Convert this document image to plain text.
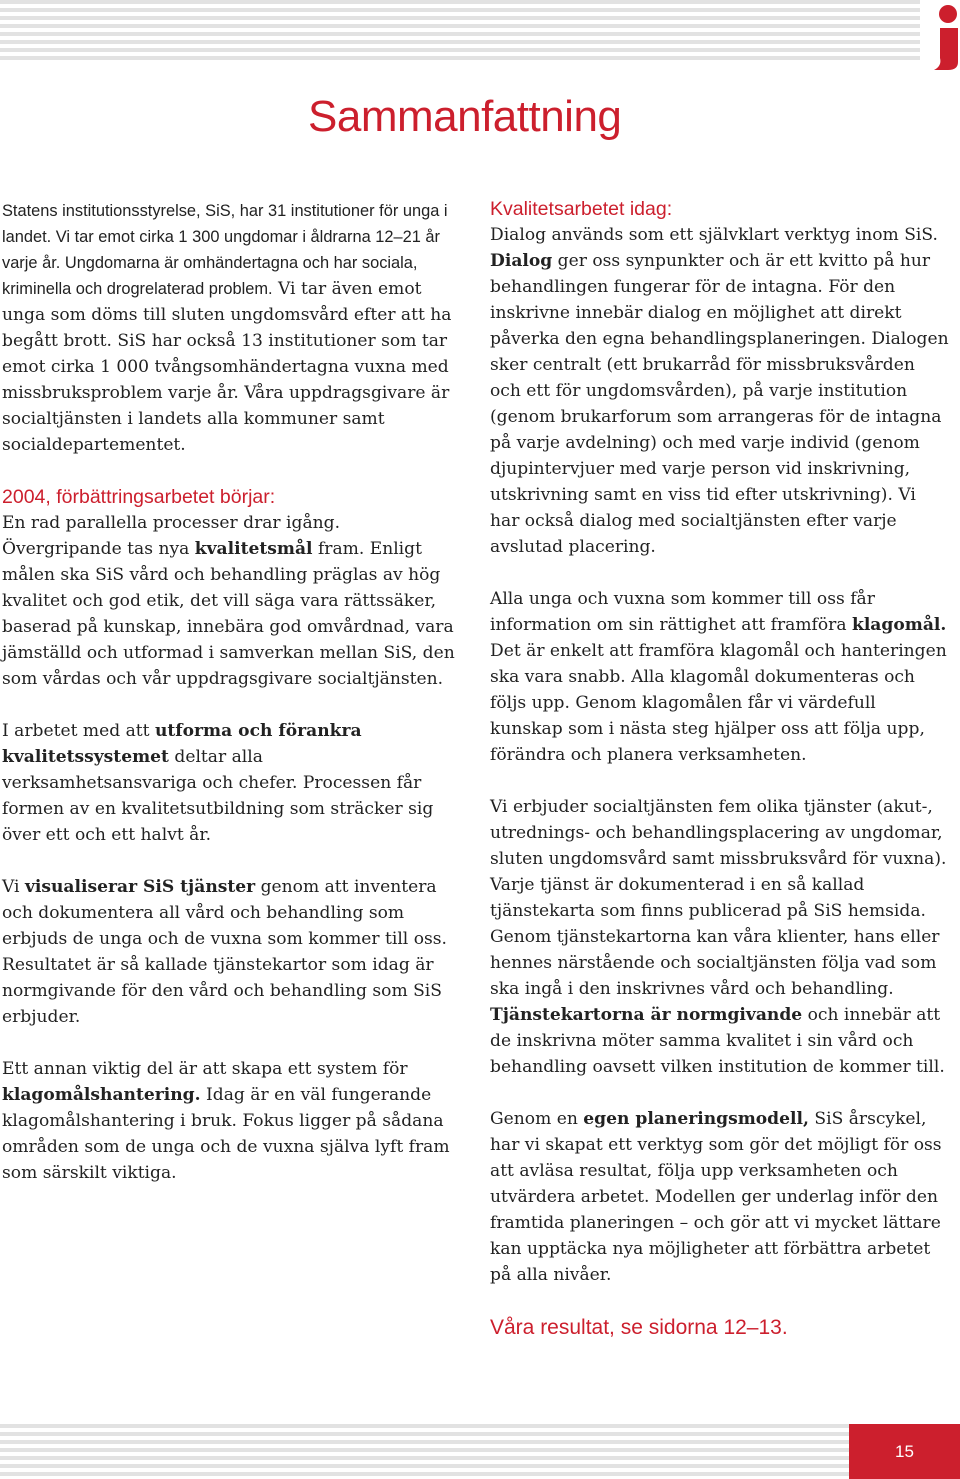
Sammanfattning

Statens institutionsstyrelse, SiS, har 31 institutioner för unga i landet. Vi tar emot cirka 1 300 ungdomar i åldrarna 12–21 år varje år. Ungdomarna är omhändertagna och har sociala, kriminella och drogrelaterad problem. Vi tar även emot unga som döms till sluten ungdomsvård efter att ha begått brott. SiS har också 13 institutioner som tar emot cirka 1 000 tvångsomhändertagna vuxna med missbruksproblem varje år. Våra uppdragsgivare är socialtjänsten i landets alla kommuner samt socialdepartementet.

2004, förbättringsarbetet börjar:

En rad parallella processer drar igång. Övergripande tas nya kvalitetsmål fram. Enligt målen ska SiS vård och behandling präglas av hög kvalitet och god etik, det vill säga vara rättssäker, baserad på kunskap, innebära god omvårdnad, vara jämställd och utformad i samverkan mellan SiS, den som vårdas och vår uppdragsgivare socialtjänsten.

I arbetet med att utforma och förankra kvalitetssystemet deltar alla verksamhetsansvariga och chefer. Processen får formen av en kvalitetsutbildning som sträcker sig över ett och ett halvt år.

Vi visualiserar SiS tjänster genom att inventera och dokumentera all vård och behandling som erbjuds de unga och de vuxna som kommer till oss. Resultatet är så kallade tjänstekartor som idag är normgivande för den vård och behandling som SiS erbjuder.

Ett annan viktig del är att skapa ett system för klagomålshantering. Idag är en väl fungerande klagomålshantering i bruk. Fokus ligger på sådana områden som de unga och de vuxna själva lyft fram som särskilt viktiga.

Kvalitetsarbetet idag:

Dialog används som ett självklart verktyg inom SiS. Dialog ger oss synpunkter och är ett kvitto på hur behandlingen fungerar för de intagna. För den inskrivne innebär dialog en möjlighet att direkt påverka den egna behandlingsplaneringen. Dialogen sker centralt (ett brukarråd för missbruksvården och ett för ungdomsvården), på varje institution (genom brukarforum som arrangeras för de intagna på varje avdelning) och med varje individ (genom djupintervjuer med varje person vid inskrivning, utskrivning samt en viss tid efter utskrivning). Vi har också dialog med socialtjänsten efter varje avslutad placering.

Alla unga och vuxna som kommer till oss får information om sin rättighet att framföra klagomål. Det är enkelt att framföra klagomål och hanteringen ska vara snabb. Alla klagomål dokumenteras och följs upp. Genom klagomålen får vi värdefull kunskap som i nästa steg hjälper oss att följa upp, förändra och planera verksamheten.

Vi erbjuder socialtjänsten fem olika tjänster (akut-, utrednings- och behandlingsplacering av ungdomar, sluten ungdomsvård samt missbruksvård för vuxna). Varje tjänst är dokumenterad i en så kallad tjänstekarta som finns publicerad på SiS hemsida. Genom tjänstekartorna kan våra klienter, hans eller hennes närstående och socialtjänsten följa vad som ska ingå i den inskrivnes vård och behandling. Tjänstekartorna är normgivande och innebär att de inskrivna möter samma kvalitet i sin vård och behandling oavsett vilken institution de kommer till.

Genom en egen planeringsmodell, SiS årscykel, har vi skapat ett verktyg som gör det möjligt för oss att avläsa resultat, följa upp verksamheten och utvärdera arbetet. Modellen ger underlag inför den framtida planeringen – och gör att vi mycket lättare kan upptäcka nya möjligheter att förbättra arbetet på alla nivåer.

Våra resultat, se sidorna 12–13.

15
